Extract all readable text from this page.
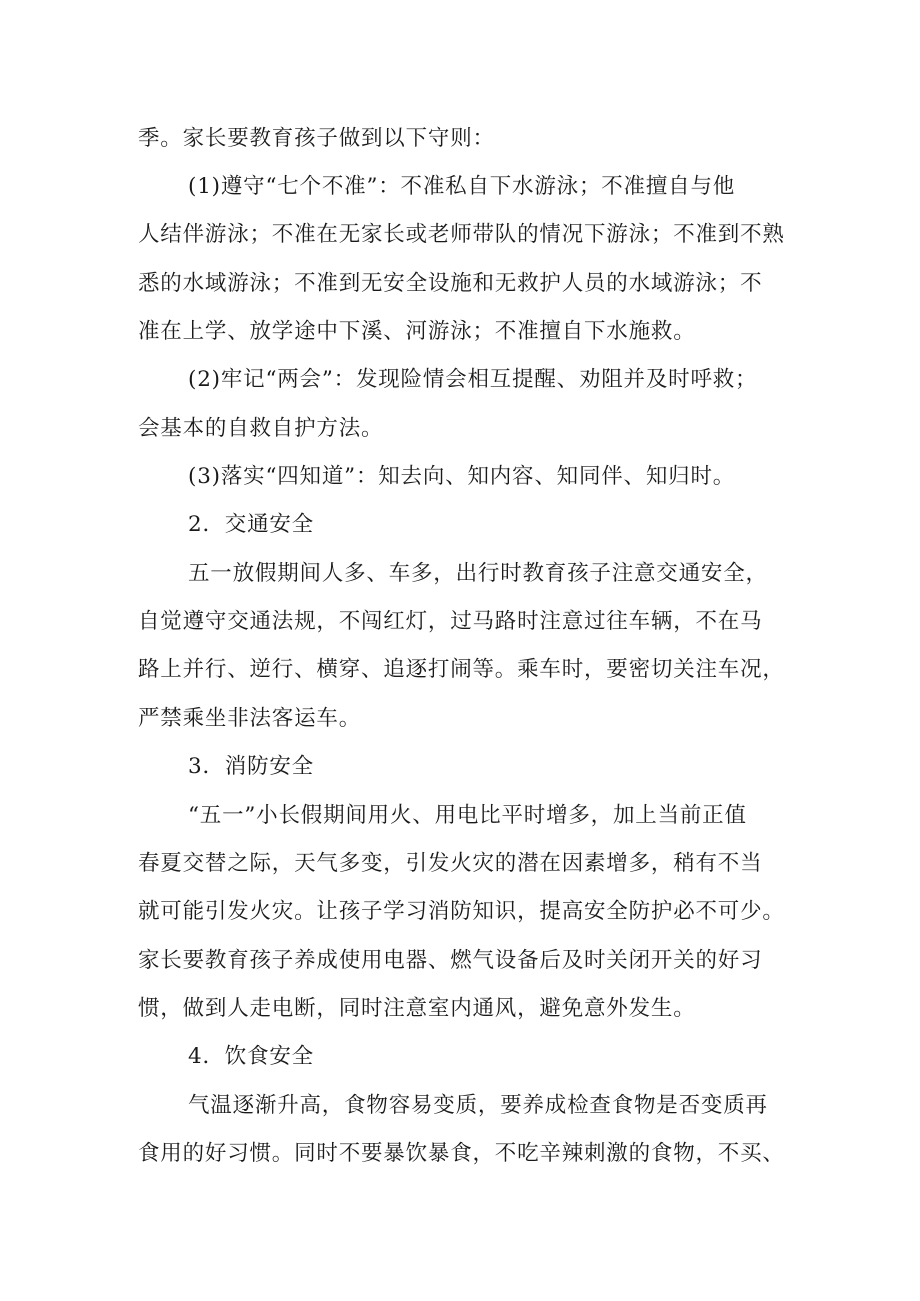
季。家长要教育孩子做到以下守则：
(1)遵守“七个不准”：不准私自下水游泳；不准擅自与他
人结伴游泳；不准在无家长或老师带队的情况下游泳；不准到不熟
悉的水域游泳；不准到无安全设施和无救护人员的水域游泳；不
准在上学、放学途中下溪、河游泳；不准擅自下水施救。
(2)牢记“两会”：发现险情会相互提醒、劝阻并及时呼救；
会基本的自救自护方法。
(3)落实“四知道”：知去向、知内容、知同伴、知归时。
2．交通安全
五一放假期间人多、车多，出行时教育孩子注意交通安全，
自觉遵守交通法规，不闯红灯，过马路时注意过往车辆，不在马
路上并行、逆行、横穿、追逐打闹等。乘车时，要密切关注车况，
严禁乘坐非法客运车。
3．消防安全
“五一”小长假期间用火、用电比平时增多，加上当前正值
春夏交替之际，天气多变，引发火灾的潜在因素增多，稍有不当
就可能引发火灾。让孩子学习消防知识，提高安全防护必不可少。
家长要教育孩子养成使用电器、燃气设备后及时关闭开关的好习
惯，做到人走电断，同时注意室内通风，避免意外发生。
4．饮食安全
气温逐渐升高，食物容易变质，要养成检查食物是否变质再
食用的好习惯。同时不要暴饮暴食，不吃辛辣刺激的食物，不买、
